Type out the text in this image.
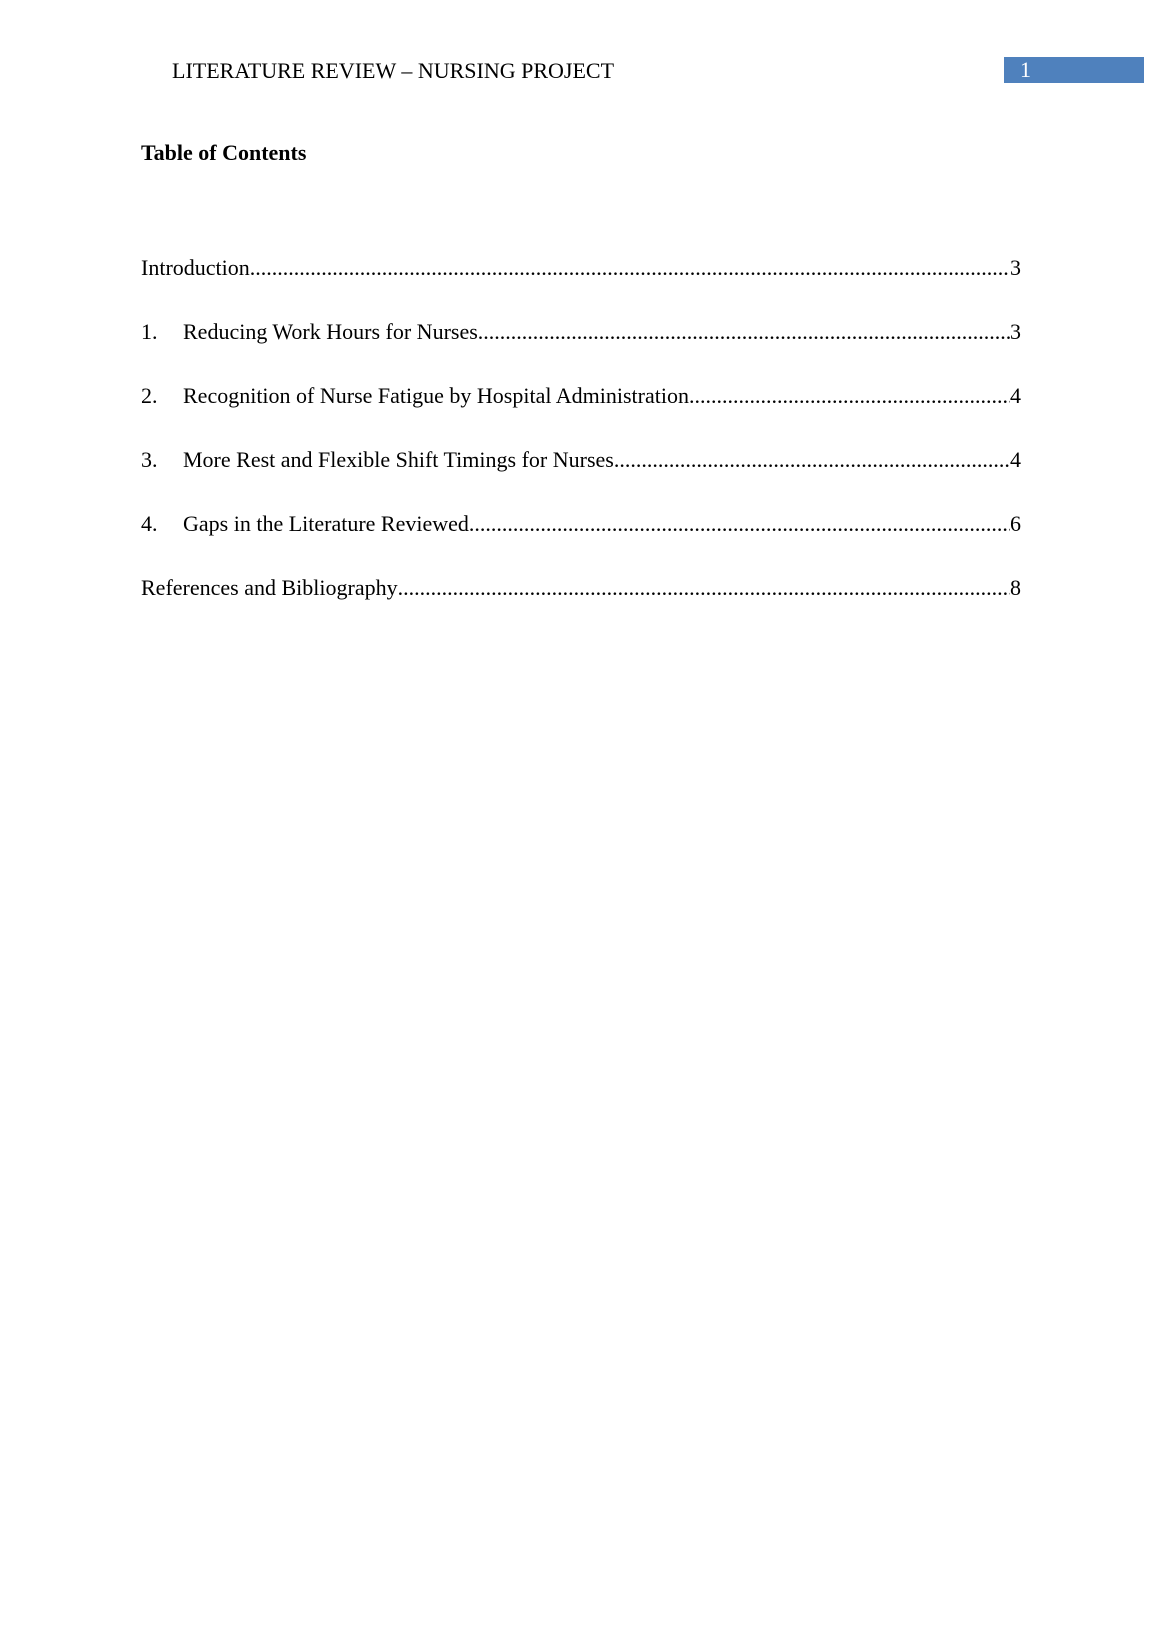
LITERATURE REVIEW – NURSING PROJECT	1
Table of Contents
Introduction .....	3
1.	Reducing Work Hours for Nurses .....	3
2.	Recognition of Nurse Fatigue by Hospital Administration .....	4
3.	More Rest and Flexible Shift Timings for Nurses .....	4
4.	Gaps in the Literature Reviewed .....	6
References and Bibliography .....	8
